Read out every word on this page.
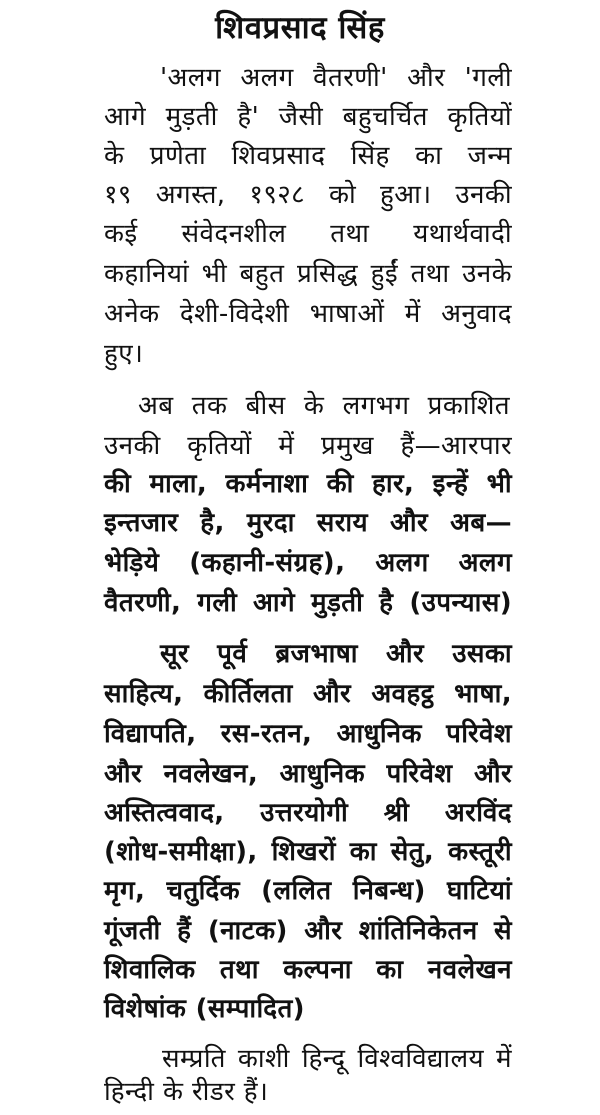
शिवप्रसाद सिंह
'अलग अलग वैतरणी' और 'गली
आगे मुड़ती है' जैसी बहुचर्चित कृतियों
के प्रणेता शिवप्रसाद सिंह का जन्म
१९ अगस्त, १९२८ को हुआ। उनकी
कई संवेदनशील तथा यथार्थवादी
कहानियां भी बहुत प्रसिद्ध हुईं तथा उनके
अनेक देशी-विदेशी भाषाओं में अनुवाद
हुए।
अब तक बीस के लगभग प्रकाशित
उनकी कृतियों में प्रमुख हैं—आरपार
की माला, कर्मनाशा की हार, इन्हें भी
इन्तजार है, मुरदा सराय और अब—
भेड़िये (कहानी-संग्रह), अलग अलग
वैतरणी, गली आगे मुड़ती है (उपन्यास)
सूर पूर्व ब्रजभाषा और उसका
साहित्य, कीर्तिलता और अवहट्ठ भाषा,
विद्यापति, रस-रतन, आधुनिक परिवेश
और नवलेखन, आधुनिक परिवेश और
अस्तित्ववाद, उत्तरयोगी श्री अरविंद
(शोध-समीक्षा), शिखरों का सेतु, कस्तूरी
मृग, चतुर्दिक (ललित निबन्ध) घाटियां
गूंजती हैं (नाटक) और शांतिनिकेतन से
शिवालिक तथा कल्पना का नवलेखन
विशेषांक (सम्पादित)
सम्प्रति काशी हिन्दू विश्वविद्यालय में
हिन्दी के रीडर हैं।
